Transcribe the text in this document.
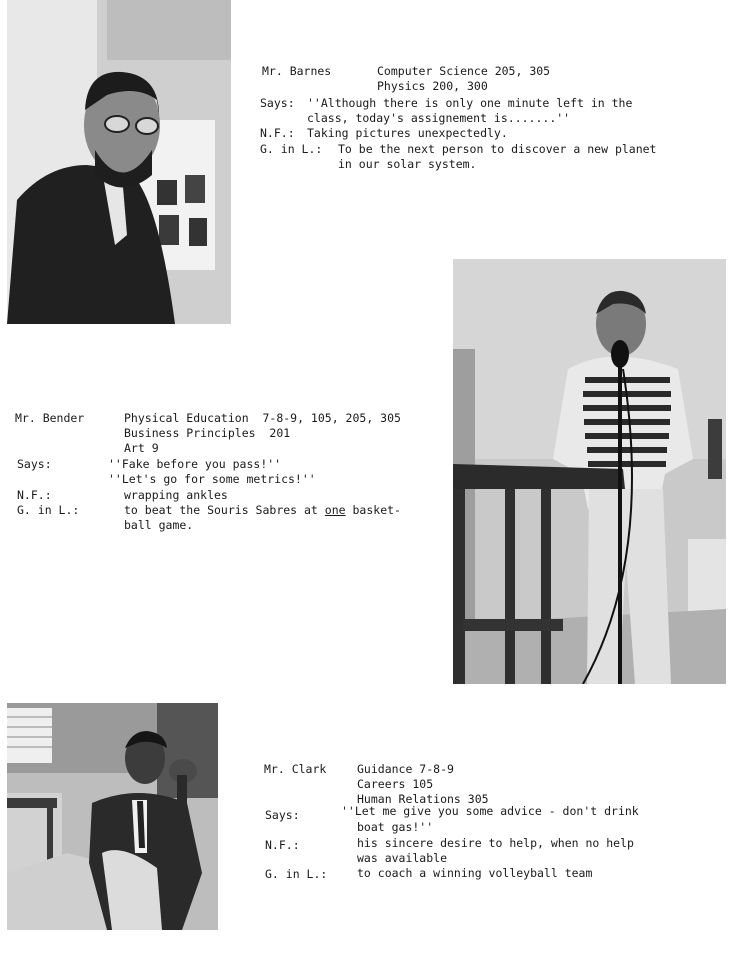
Mr. Barnes	Computer Science 205, 305
Physics 200, 300
Says: ''Although there is only one minute left in the
class, today's assignement is.......''
N.F.: Taking pictures unexpectedly.
G. in L.: To be the next person to discover a new planet
in our solar system.
Mr. Bender	Physical Education  7-8-9, 105, 205, 305
Business Principles  201
Art 9
Says:	''Fake before you pass!''
''Let's go for some metrics!''
N.F.:	wrapping ankles
G. in L.:	to beat the Souris Sabres at one basket-
ball game.
Mr. Clark	Guidance 7-8-9
Careers 105
Human Relations 305
Says:	''Let me give you some advice - don't drink
boat gas!''
N.F.:	his sincere desire to help, when no help
was available
G. in L.:	to coach a winning volleyball team
